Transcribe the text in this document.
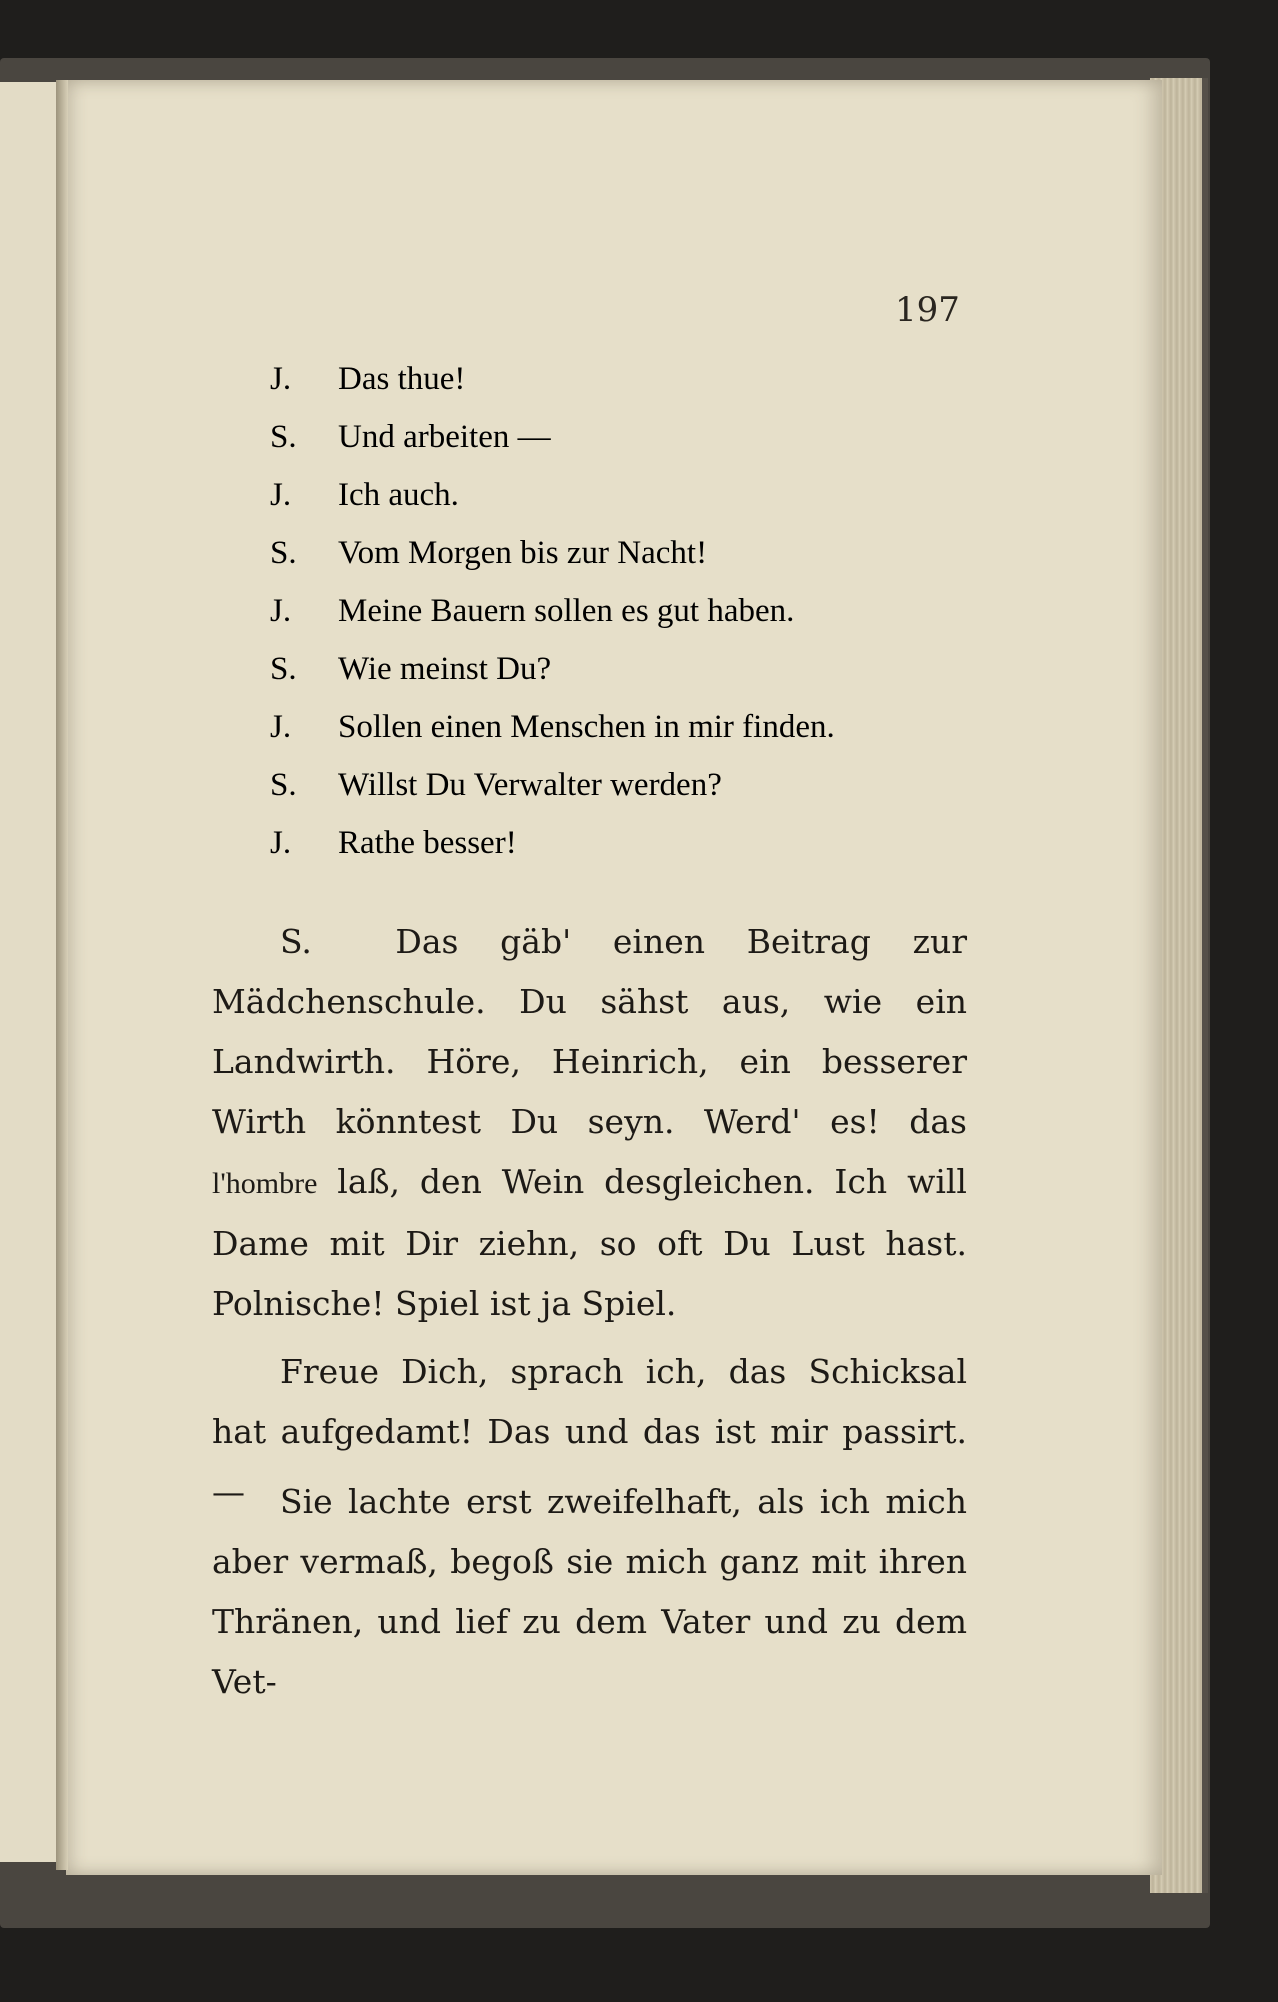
197
J.	Das thue!
S.	Und arbeiten —
J.	Ich auch.
S.	Vom Morgen bis zur Nacht!
J.	Meine Bauern sollen es gut haben.
S.	Wie meinst Du?
J.	Sollen einen Menschen in mir finden.
S.	Willst Du Verwalter werden?
J.	Rathe besser!

S.	Das gäb' einen Beitrag zur Mädchenschule. Du sähst aus, wie ein Landwirth. Höre, Heinrich, ein besserer Wirth könntest Du seyn. Werd' es! das l'hombre laß, den Wein desgleichen. Ich will Dame mit Dir ziehn, so oft Du Lust hast. Polnische! Spiel ist ja Spiel.

Freue Dich, sprach ich, das Schicksal hat aufgedamt! Das und das ist mir passirt. —	Sie lachte erst zweifelhaft, als ich mich aber vermaß, begoß sie mich ganz mit ihren Thränen, und lief zu dem Vater und zu dem Vet-
